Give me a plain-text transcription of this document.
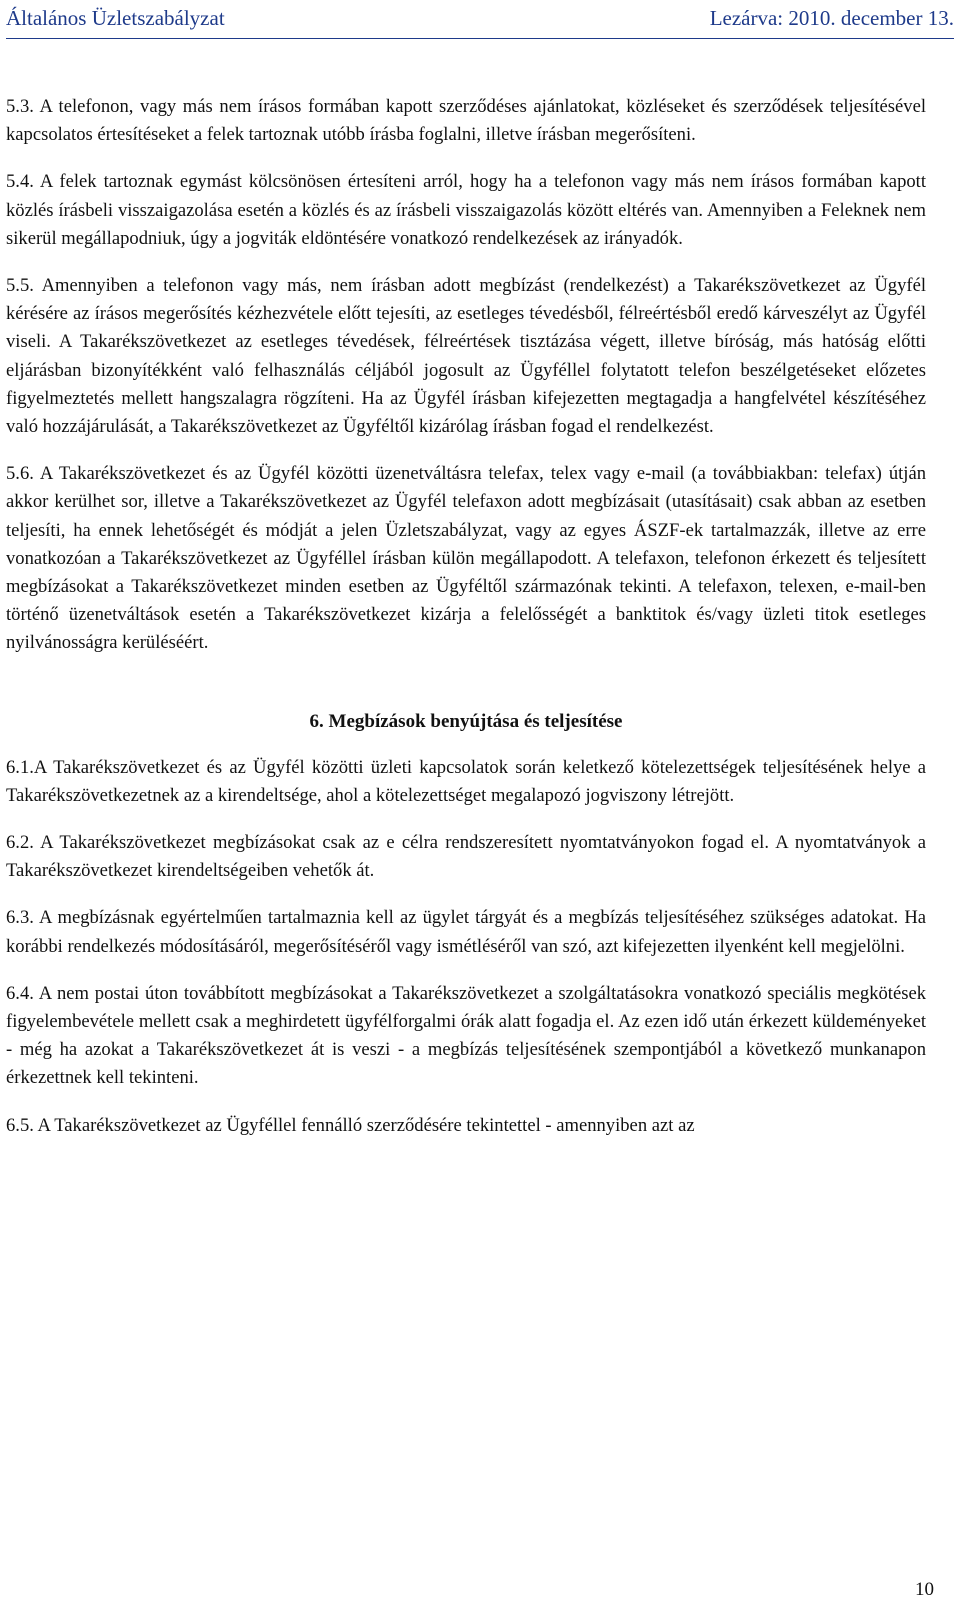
Általános Üzletszabályzat	Lezárva: 2010. december 13.

5.3. A telefonon, vagy más nem írásos formában kapott szerződéses ajánlatokat, közléseket és szerződések teljesítésével kapcsolatos értesítéseket a felek tartoznak utóbb írásba foglalni, illetve írásban megerősíteni.

5.4. A felek tartoznak egymást kölcsönösen értesíteni arról, hogy ha a telefonon vagy más nem írásos formában kapott közlés írásbeli visszaigazolása esetén a közlés és az írásbeli visszaigazolás között eltérés van. Amennyiben a Feleknek nem sikerül megállapodniuk, úgy a jogviták eldöntésére vonatkozó rendelkezések az irányadók.

5.5. Amennyiben a telefonon vagy más, nem írásban adott megbízást (rendelkezést) a Takarékszövetkezet az Ügyfél kérésére az írásos megerősítés kézhezvétele előtt tejesíti, az esetleges tévedésből, félreértésből eredő kárveszélyt az Ügyfél viseli. A Takarékszövetkezet az esetleges tévedések, félreértések tisztázása végett, illetve bíróság, más hatóság előtti eljárásban bizonyítékként való felhasználás céljából jogosult az Ügyféllel folytatott telefon beszélgetéseket előzetes figyelmeztetés mellett hangszalagra rögzíteni. Ha az Ügyfél írásban kifejezetten megtagadja a hangfelvétel készítéséhez való hozzájárulását, a Takarékszövetkezet az Ügyféltől kizárólag írásban fogad el rendelkezést.

5.6. A Takarékszövetkezet és az Ügyfél közötti üzenetváltásra telefax, telex vagy e-mail (a továbbiakban: telefax) útján akkor kerülhet sor, illetve a Takarékszövetkezet az Ügyfél telefaxon adott megbízásait (utasításait) csak abban az esetben teljesíti, ha ennek lehetőségét és módját a jelen Üzletszabályzat, vagy az egyes ÁSZF-ek tartalmazzák, illetve az erre vonatkozóan a Takarékszövetkezet az Ügyféllel írásban külön megállapodott. A telefaxon, telefonon érkezett és teljesített megbízásokat a Takarékszövetkezet minden esetben az Ügyféltől származónak tekinti. A telefaxon, telexen, e-mail-ben történő üzenetváltások esetén a Takarékszövetkezet kizárja a felelősségét a banktitok és/vagy üzleti titok esetleges nyilvánosságra kerüléséért.

6. Megbízások benyújtása és teljesítése

6.1.A Takarékszövetkezet és az Ügyfél közötti üzleti kapcsolatok során keletkező kötelezettségek teljesítésének helye a Takarékszövetkezetnek az a kirendeltsége, ahol a kötelezettséget megalapozó jogviszony létrejött.

6.2. A Takarékszövetkezet megbízásokat csak az e célra rendszeresített nyomtatványokon fogad el. A nyomtatványok a Takarékszövetkezet kirendeltségeiben vehetők át.

6.3. A megbízásnak egyértelműen tartalmaznia kell az ügylet tárgyát és a megbízás teljesítéséhez szükséges adatokat. Ha korábbi rendelkezés módosításáról, megerősítéséről vagy ismétléséről van szó, azt kifejezetten ilyenként kell megjelölni.

6.4. A nem postai úton továbbított megbízásokat a Takarékszövetkezet a szolgáltatásokra vonatkozó speciális megkötések figyelembevétele mellett csak a meghirdetett ügyfélforgalmi órák alatt fogadja el. Az ezen idő után érkezett küldeményeket - még ha azokat a Takarékszövetkezet át is veszi - a megbízás teljesítésének szempontjából a következő munkanapon érkezettnek kell tekinteni.

6.5. A Takarékszövetkezet az Ügyféllel fennálló szerződésére tekintettel - amennyiben azt az

10
